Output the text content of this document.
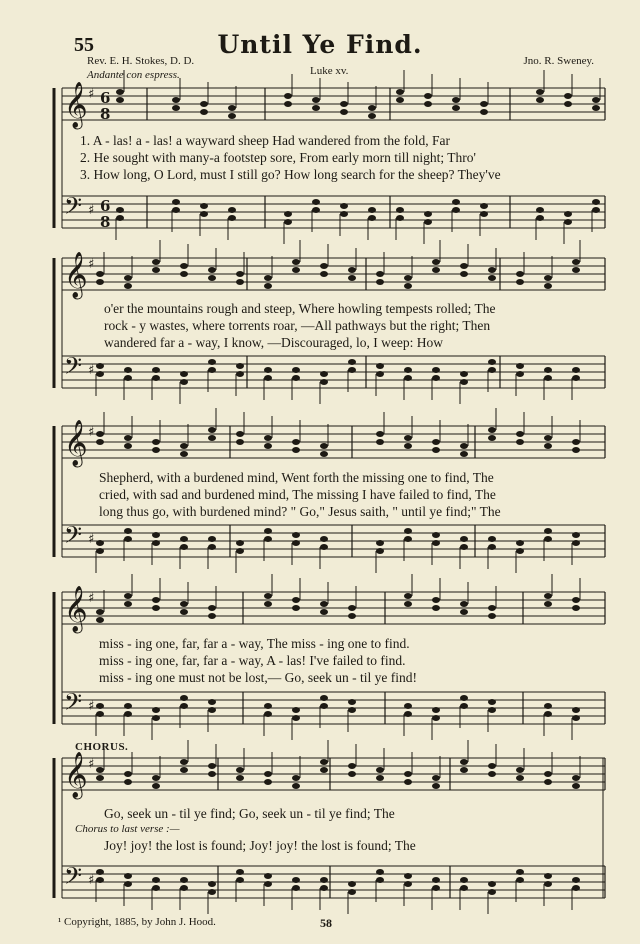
𝄞 ♯ 6
8
𝄢 ♯ 6
8
𝄞 ♯
𝄢 ♯
𝄞 ♯
𝄢 ♯
𝄞 ♯
𝄢 ♯
𝄞 ♯
𝄢 ♯
55	Until Ye Find.
Rev. E. H. Stokes, D. D.
Luke xv.
Jno. R. Sweney.
Andante con espress.
1. A - las! a - las! a wayward sheep Had wandered from the fold, Far
2. He sought with many-a footstep sore, From early morn till night; Thro'
3. How long, O Lord, must I still go? How long search for the sheep? They've
o'er the mountains rough and steep, Where howling tempests rolled; The
rock - y wastes, where torrents roar, —All pathways but the right; Then
wandered far a - way, I know, —Discouraged, lo, I weep: How
Shepherd, with a burdened mind, Went forth the missing one to find, The
cried, with sad and burdened mind, The missing I have failed to find, The
long thus go, with burdened mind? " Go," Jesus saith, " until ye find;" The
miss - ing one, far, far a - way, The miss - ing one to find.
miss - ing one, far, far a - way, A - las! I've failed to find.
miss - ing one must not be lost,— Go, seek un - til ye find!
CHORUS.
Go, seek un - til ye find; Go, seek un - til ye find; The
Chorus to last verse :—
Joy! joy! the lost is found; Joy! joy! the lost is found; The
¹ Copyright, 1885, by John J. Hood.	58
